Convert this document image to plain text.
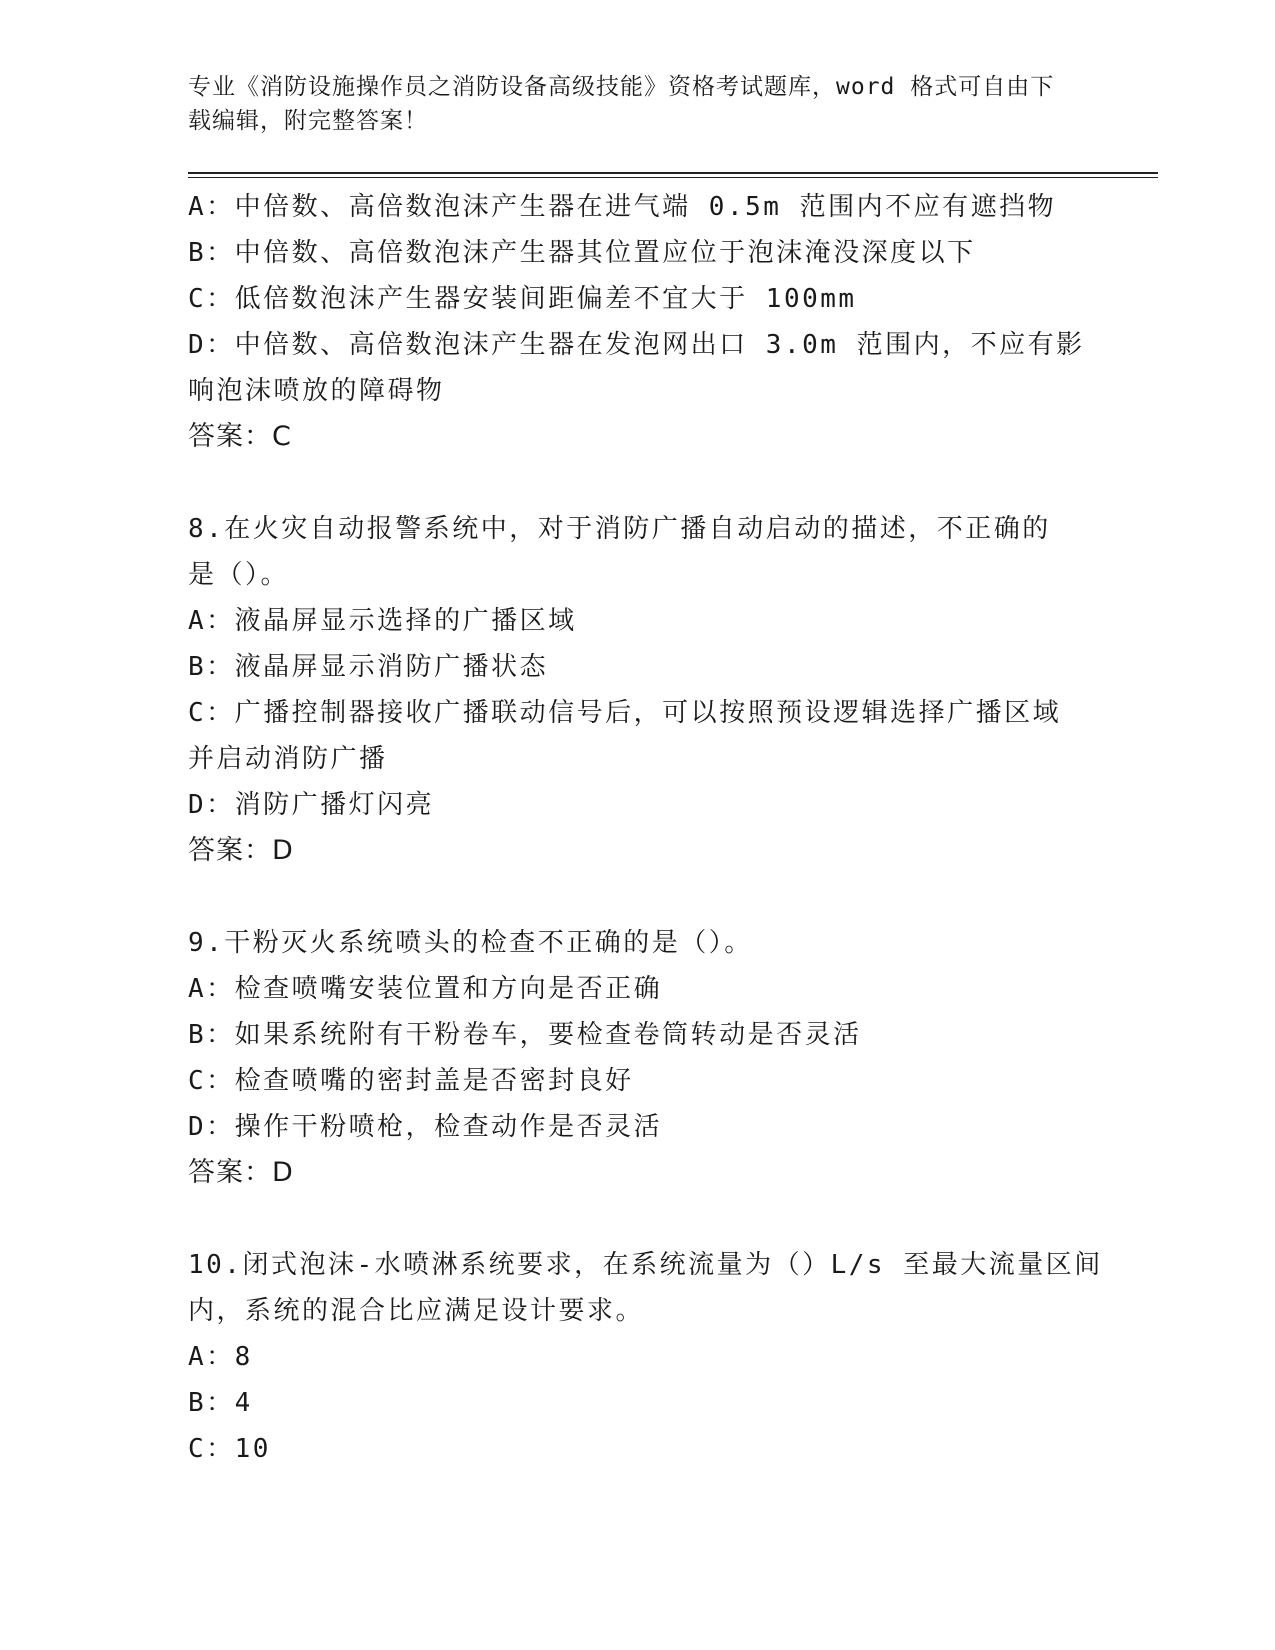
专业《消防设施操作员之消防设备高级技能》资格考试题库，word 格式可自由下

载编辑，附完整答案！

A：中倍数、高倍数泡沫产生器在进气端 0.5m 范围内不应有遮挡物

B：中倍数、高倍数泡沫产生器其位置应位于泡沫淹没深度以下

C：低倍数泡沫产生器安装间距偏差不宜大于 100mm

D：中倍数、高倍数泡沫产生器在发泡网出口 3.0m 范围内，不应有影

响泡沫喷放的障碍物

答案：C

8.在火灾自动报警系统中，对于消防广播自动启动的描述，不正确的

是（）。

A：液晶屏显示选择的广播区域

B：液晶屏显示消防广播状态

C：广播控制器接收广播联动信号后，可以按照预设逻辑选择广播区域

并启动消防广播

D：消防广播灯闪亮

答案：D

9.干粉灭火系统喷头的检查不正确的是（）。

A：检查喷嘴安装位置和方向是否正确

B：如果系统附有干粉卷车，要检查卷筒转动是否灵活

C：检查喷嘴的密封盖是否密封良好

D：操作干粉喷枪，检查动作是否灵活

答案：D

10.闭式泡沫-水喷淋系统要求，在系统流量为（）L/s 至最大流量区间

内，系统的混合比应满足设计要求。

A：8

B：4

C：10
